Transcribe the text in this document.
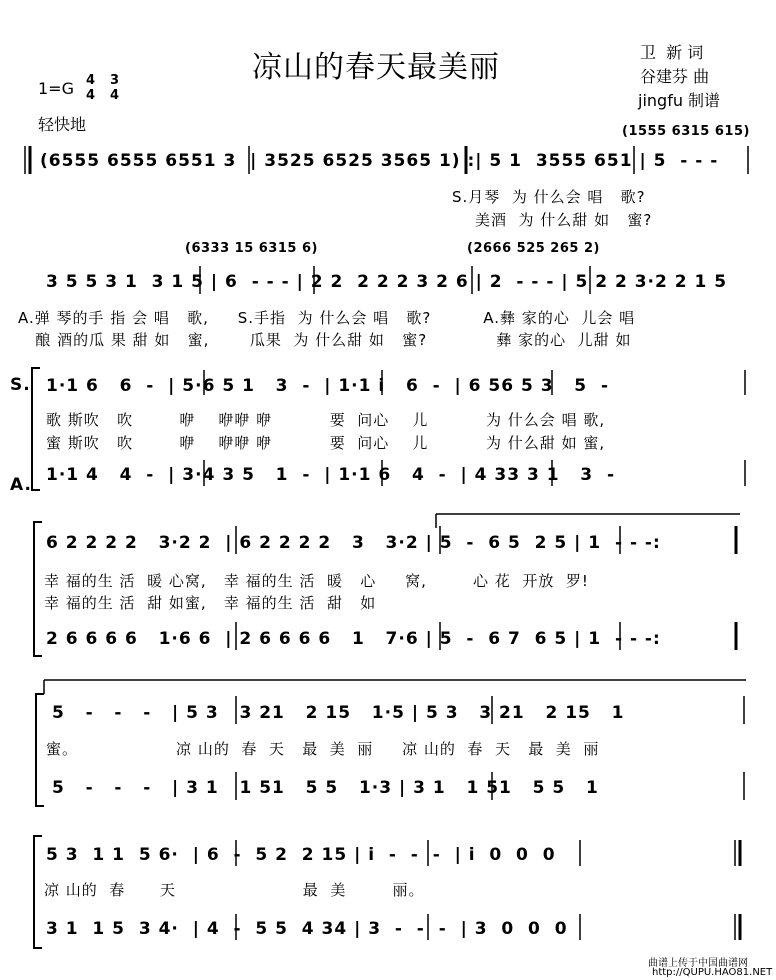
凉山的春天最美丽	卫  新 词
谷建芬 曲
jingfu 制谱
1=G 4
4
3
4
轻快地	(1555 6315 615)
(6555 6555 6551 3  | 3525 6525 3565 1) :| 5 1  3555 651 | 5  - - -
S.月琴  为 什么会 唱   歌?
美酒  为 什么甜 如   蜜?
(6333 15 6315 6)	(2666 525 265 2)
3 5 5 3 1  3 1 5 | 6  - - - | 2 2  2 2 2 3 2 6 | 2  - - - | 5 2 2 3·2 2 1 5
A.弹 琴的手 指 会 唱   歌,     S.手指  为 什么会 唱   歌?         A.彝 家的心  儿会 唱
酿 酒的瓜 果 甜 如   蜜,       瓜果  为 什么甜 如   蜜?            彝 家的心  儿甜 如
S.
A.
1·1 6   6  -  | 5·6 5 1   3  -  | 1·1 i   6  -  | 6 56 5 3   5  -
歌 斯吹   吹        咿    咿咿 咿          要  问心    儿          为 什么会 唱 歌,
蜜 斯吹   吹        咿    咿咿 咿          要  问心    儿          为 什么甜 如 蜜,
1·1 4   4  -  | 3·4 3 5   1  -  | 1·1 6   4  -  | 4 33 3 1   3  -
6 2 2 2 2   3·2 2  | 6 2 2 2 2   3   3·2 | 5  -  6 5  2 5 | 1  - - -:
幸 福的生 活  暖 心窝,   幸 福的生 活  暖   心     窝,        心 花  开放  罗!
幸 福的生 活  甜 如蜜,   幸 福的生 活  甜   如
2 6 6 6 6   1·6 6  | 2 6 6 6 6   1   7·6 | 5  -  6 7  6 5 | 1  - - -:
5   -   -   -   | 5 3   3 21   2 15   1·5 | 5 3   3 21   2 15   1
蜜。                 凉 山的  春  天   最  美  丽     凉 山的  春  天   最  美  丽
5   -   -   -   | 3 1   1 51   5 5   1·3 | 3 1   1 51   5 5   1
5 3  1 1  5 6·  | 6  -  5 2  2 15 | i  -  -  -  | i  0  0  0
凉 山的  春      天                      最  美        丽。
3 1  1 5  3 4·  | 4  -  5 5  4 34 | 3  -  -  -  | 3  0  0  0
曲谱上传于中国曲谱网
http://QUPU.HAO81.NET
